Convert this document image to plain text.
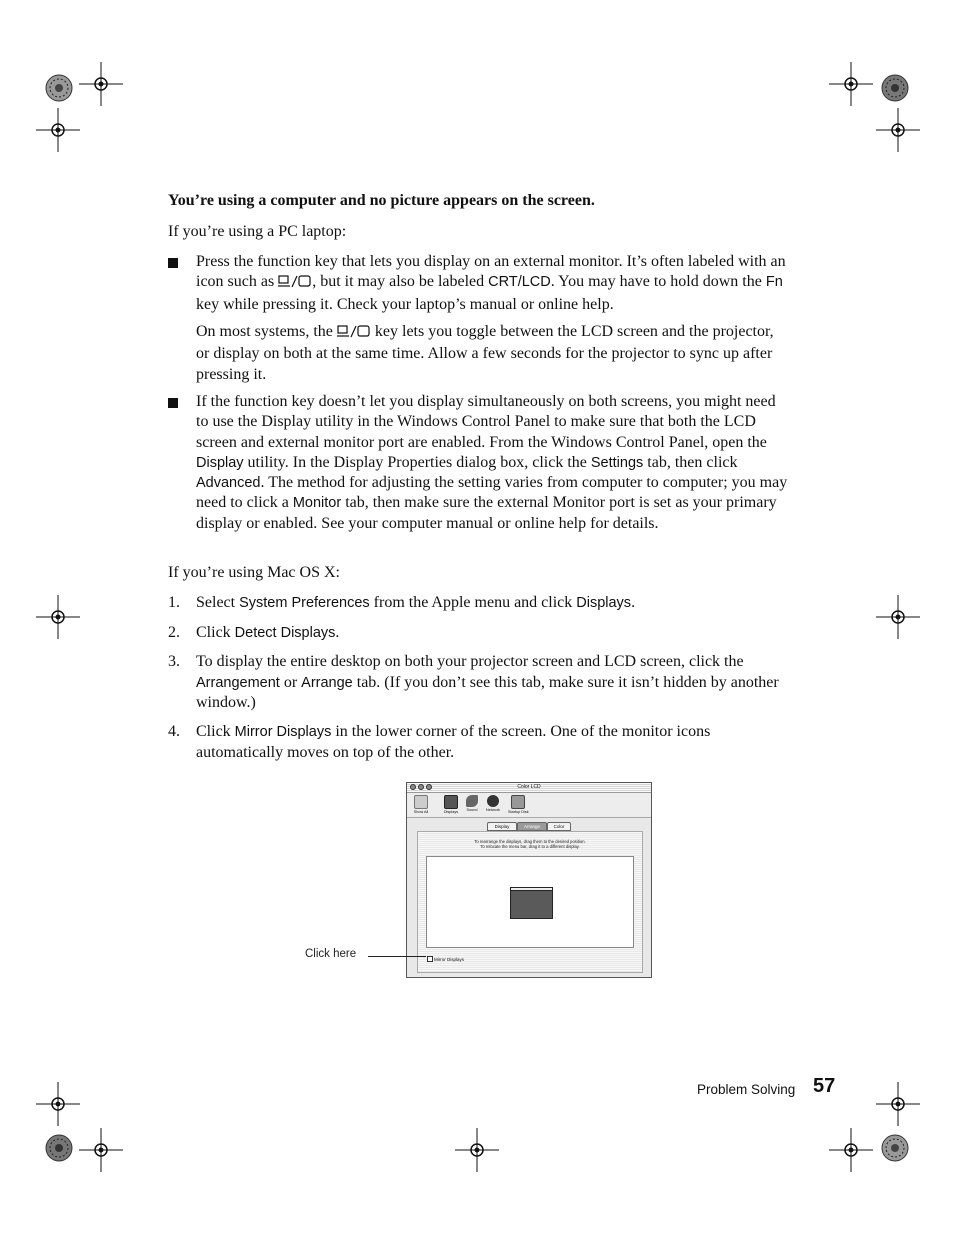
You’re using a computer and no picture appears on the screen.
If you’re using a PC laptop:
Press the function key that lets you display on an external monitor. It’s often labeled with an icon such as , but it may also be labeled CRT/LCD. You may have to hold down the Fn key while pressing it. Check your laptop’s manual or online help.
On most systems, the  key lets you toggle between the LCD screen and the projector, or display on both at the same time. Allow a few seconds for the projector to sync up after pressing it.
If the function key doesn’t let you display simultaneously on both screens, you might need to use the Display utility in the Windows Control Panel to make sure that both the LCD screen and external monitor port are enabled. From the Windows Control Panel, open the Display utility. In the Display Properties dialog box, click the Settings tab, then click Advanced. The method for adjusting the setting varies from computer to computer; you may need to click a Monitor tab, then make sure the external Monitor port is set as your primary display or enabled. See your computer manual or online help for details.
If you’re using Mac OS X:
1. Select System Preferences from the Apple menu and click Displays.
2. Click Detect Displays.
3. To display the entire desktop on both your projector screen and LCD screen, click the Arrangement or Arrange tab. (If you don’t see this tab, make sure it isn’t hidden by another window.)
4. Click Mirror Displays in the lower corner of the screen. One of the monitor icons automatically moves on top of the other.
Color LCD
Show All	Displays	Sound	Network	Startup Disk
Display	Arrange	Color
To rearrange the displays, drag them to the desired position.
To relocate the menu bar, drag it to a different display.
Mirror Displays
Click here
Problem Solving 57
